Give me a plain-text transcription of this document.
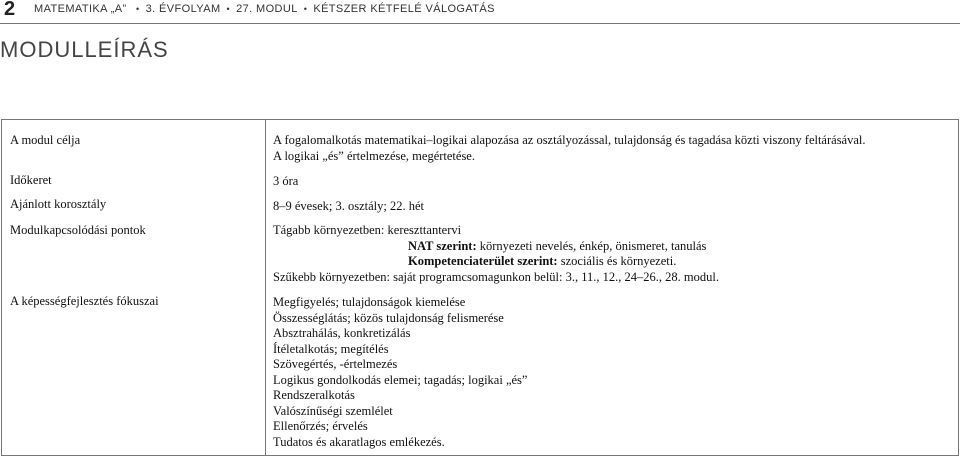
2 MATEMATIKA „A” • 3. ÉVFOLYAM • 27. MODUL • KÉTSZER KÉTFELÉ VÁLOGATÁS
MODULLEÍRÁS
A modul célja	A fogalomalkotás matematikai–logikai alapozása az osztályozással, tulajdonság és tagadása közti viszony feltárásával.
A logikai „és” értelmezése, megértetése.
Időkeret	3 óra
Ajánlott korosztály	8–9 évesek; 3. osztály; 22. hét
Modulkapcsolódási pontok	Tágabb környezetben: kereszttantervi
NAT szerint: környezeti nevelés, énkép, önismeret, tanulás
Kompetenciaterület szerint: szociális és környezeti.
Szűkebb környezetben: saját programcsomagunkon belül: 3., 11., 12., 24–26., 28. modul.
A képességfejlesztés fókuszai	Megfigyelés; tulajdonságok kiemelése
Összességlátás; közös tulajdonság felismerése
Absztrahálás, konkretizálás
Ítéletalkotás; megítélés
Szövegértés, -értelmezés
Logikus gondolkodás elemei; tagadás; logikai „és”
Rendszeralkotás
Valószínűségi szemlélet
Ellenőrzés; érvelés
Tudatos és akaratlagos emlékezés.
